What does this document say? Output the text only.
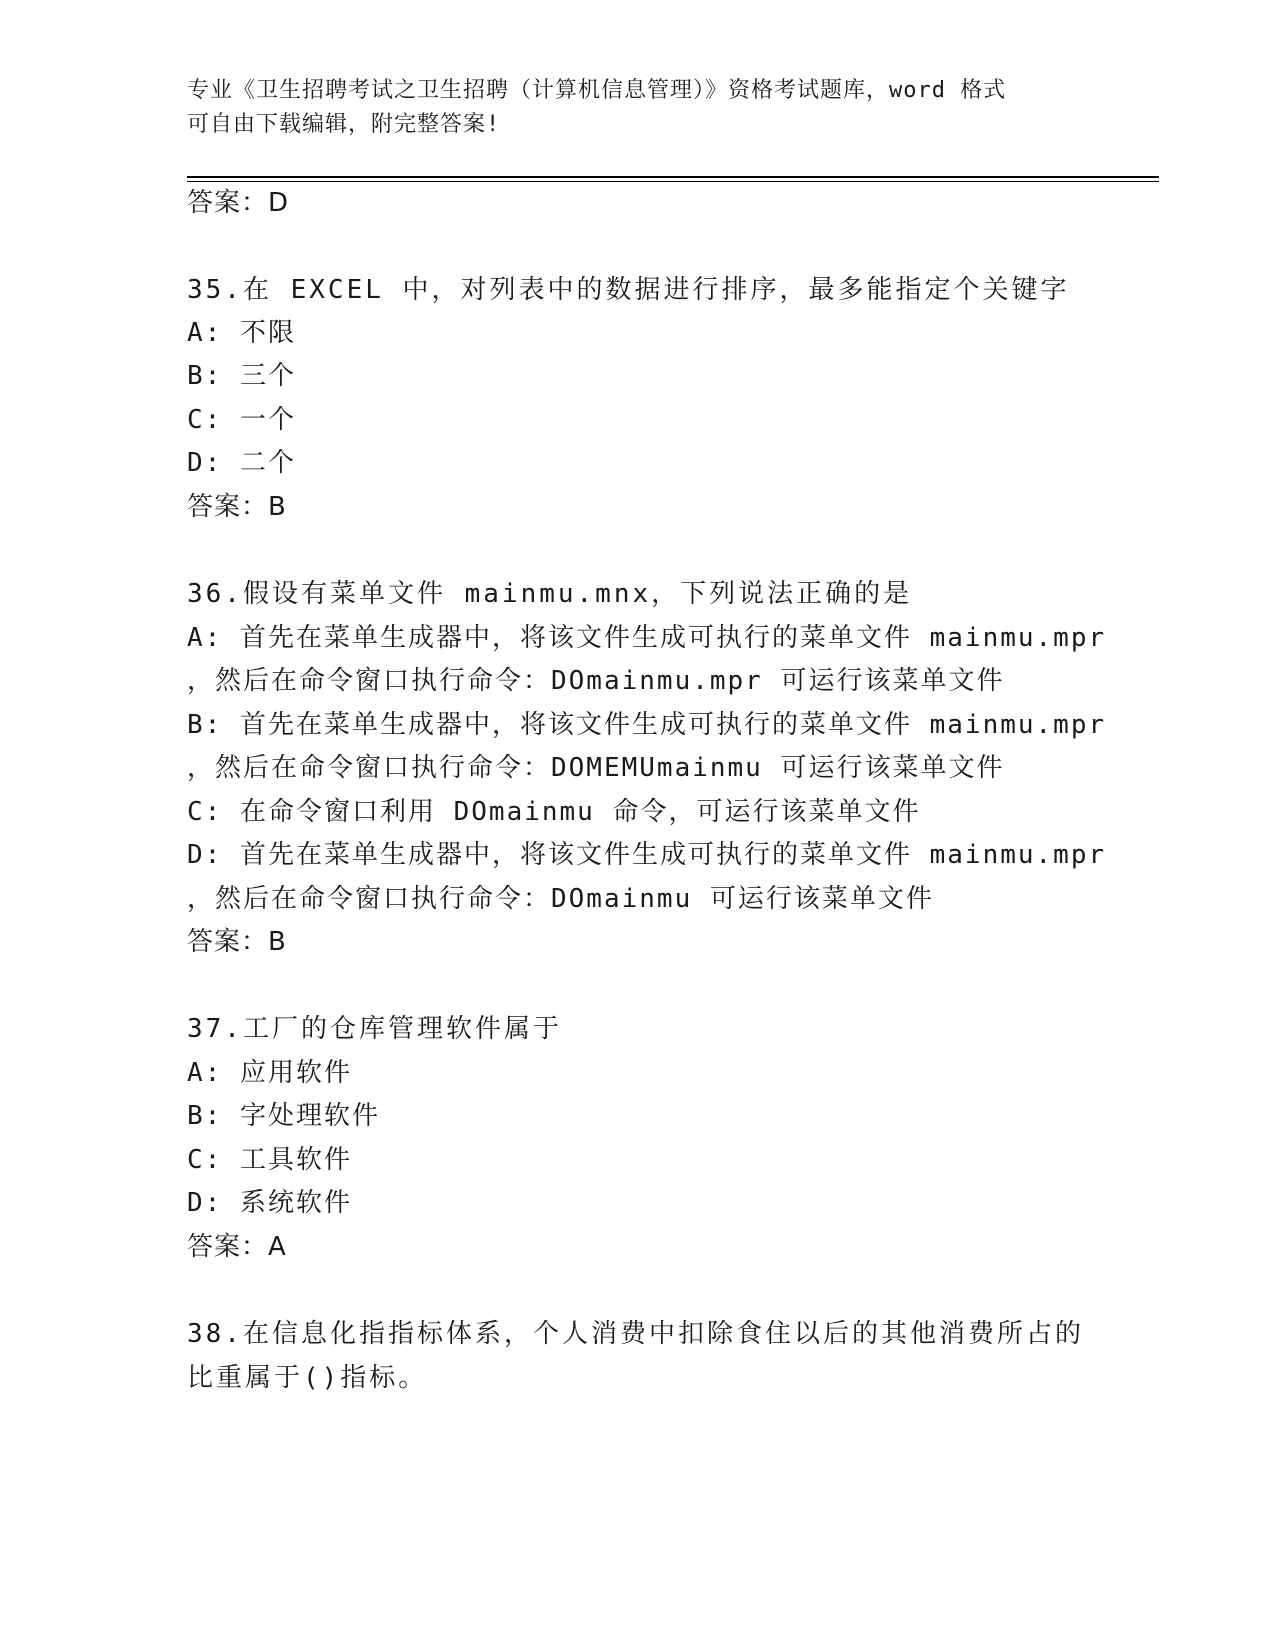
专业《卫生招聘考试之卫生招聘（计算机信息管理）》资格考试题库，word 格式
可自由下载编辑，附完整答案!
答案：D
35.在 EXCEL 中，对列表中的数据进行排序，最多能指定个关键字
A: 不限
B: 三个
C: 一个
D: 二个
答案：B
36.假设有菜单文件 mainmu.mnx，下列说法正确的是
A: 首先在菜单生成器中，将该文件生成可执行的菜单文件 mainmu.mpr
，然后在命令窗口执行命令：DOmainmu.mpr 可运行该菜单文件
B: 首先在菜单生成器中，将该文件生成可执行的菜单文件 mainmu.mpr
，然后在命令窗口执行命令：DOMEMUmainmu 可运行该菜单文件
C: 在命令窗口利用 DOmainmu 命令，可运行该菜单文件
D: 首先在菜单生成器中，将该文件生成可执行的菜单文件 mainmu.mpr
，然后在命令窗口执行命令：DOmainmu 可运行该菜单文件
答案：B
37.工厂的仓库管理软件属于
A: 应用软件
B: 字处理软件
C: 工具软件
D: 系统软件
答案：A
38.在信息化指指标体系，个人消费中扣除食住以后的其他消费所占的
比重属于()指标。
